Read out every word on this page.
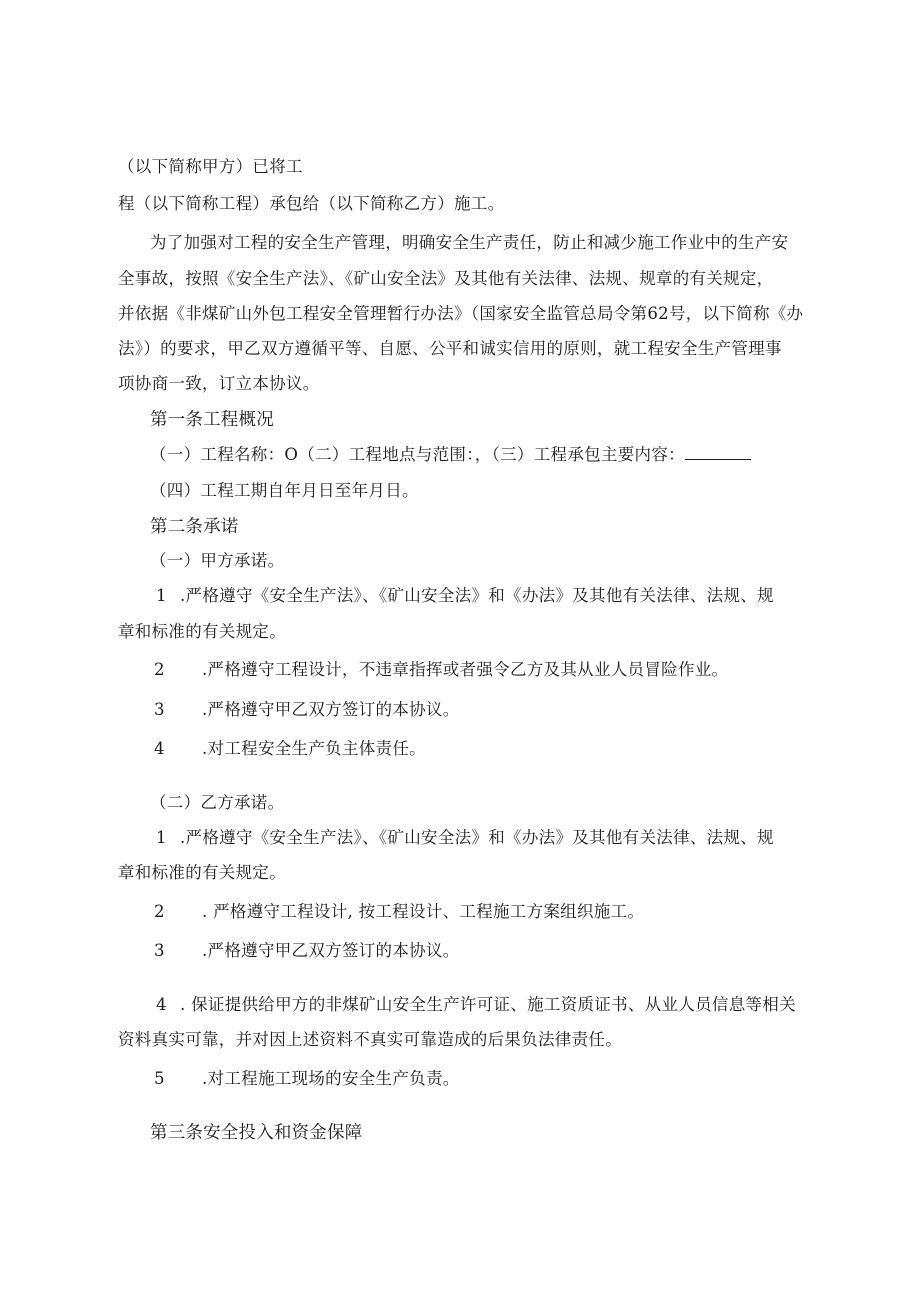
（以下简称甲方）已将工
程（以下简称工程）承包给（以下简称乙方）施工。
为了加强对工程的安全生产管理，明确安全生产责任，防止和减少施工作业中的生产安
全事故，按照《安全生产法》、《矿山安全法》及其他有关法律、法规、规章的有关规定，
并依据《非煤矿山外包工程安全管理暂行办法》（国家安全监管总局令第62号，以下简称《办
法》）的要求，甲乙双方遵循平等、自愿、公平和诚实信用的原则，就工程安全生产管理事
项协商一致，订立本协议。
第一条工程概况
（一）工程名称：O（二）工程地点与范围：，（三）工程承包主要内容：
（四）工程工期自年月日至年月日。
第二条承诺
（一）甲方承诺。
1 .严格遵守《安全生产法》、《矿山安全法》和《办法》及其他有关法律、法规、规
章和标准的有关规定。
2 .严格遵守工程设计，不违章指挥或者强令乙方及其从业人员冒险作业。
3 .严格遵守甲乙双方签订的本协议。
4 .对工程安全生产负主体责任。
（二）乙方承诺。
1 .严格遵守《安全生产法》、《矿山安全法》和《办法》及其他有关法律、法规、规
章和标准的有关规定。
2 . 严格遵守工程设计, 按工程设计、工程施工方案组织施工。
3 .严格遵守甲乙双方签订的本协议。
4 . 保证提供给甲方的非煤矿山安全生产许可证、施工资质证书、从业人员信息等相关
资料真实可靠，并对因上述资料不真实可靠造成的后果负法律责任。
5 .对工程施工现场的安全生产负责。
第三条安全投入和资金保障
